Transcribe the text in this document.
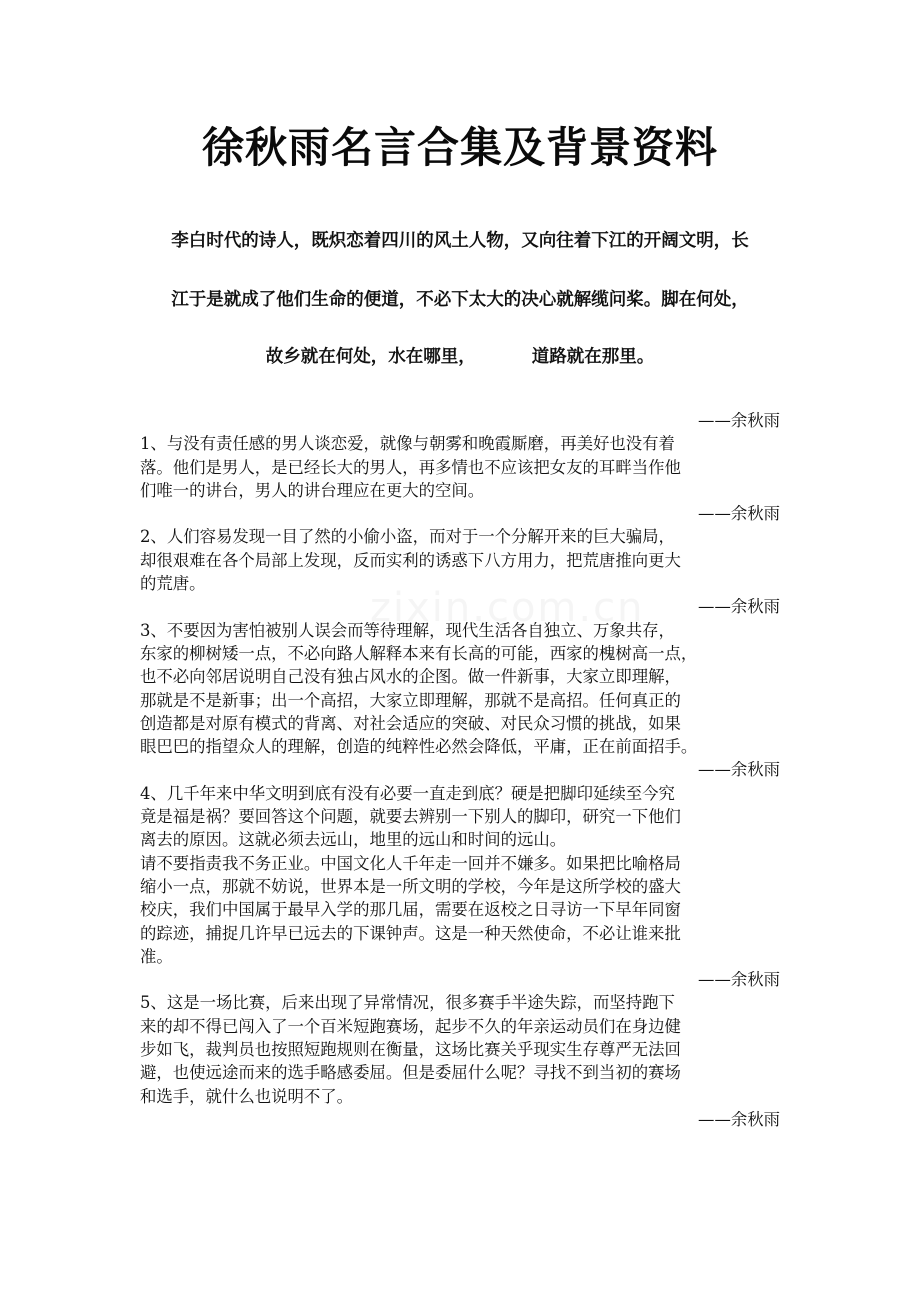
徐秋雨名言合集及背景资料
李白时代的诗人，既炽恋着四川的风土人物，又向往着下江的开阔文明，长
江于是就成了他们生命的便道，不必下太大的决心就解缆问桨。脚在何处，
故乡就在何处，水在哪里，	道路就在那里。
——余秋雨
1、与没有责任感的男人谈恋爱，就像与朝雾和晚霞厮磨，再美好也没有着
落。他们是男人，是已经长大的男人，再多情也不应该把女友的耳畔当作他
们唯一的讲台，男人的讲台理应在更大的空间。
——余秋雨
2、人们容易发现一目了然的小偷小盗，而对于一个分解开来的巨大骗局，
却很艰难在各个局部上发现，反而实利的诱惑下八方用力，把荒唐推向更大
的荒唐。
——余秋雨
3、不要因为害怕被别人误会而等待理解，现代生活各自独立、万象共存，
东家的柳树矮一点，不必向路人解释本来有长高的可能，西家的槐树高一点，
也不必向邻居说明自己没有独占风水的企图。做一件新事，大家立即理解，
那就是不是新事；出一个高招，大家立即理解，那就不是高招。任何真正的
创造都是对原有模式的背离、对社会适应的突破、对民众习惯的挑战，如果
眼巴巴的指望众人的理解，创造的纯粹性必然会降低，平庸，正在前面招手。
——余秋雨
4、几千年来中华文明到底有没有必要一直走到底？硬是把脚印延续至今究
竟是福是祸？要回答这个问题，就要去辨别一下别人的脚印，研究一下他们
离去的原因。这就必须去远山，地里的远山和时间的远山。
请不要指责我不务正业。中国文化人千年走一回并不嫌多。如果把比喻格局
缩小一点，那就不妨说，世界本是一所文明的学校，今年是这所学校的盛大
校庆，我们中国属于最早入学的那几届，需要在返校之日寻访一下早年同窗
的踪迹，捕捉几许早已远去的下课钟声。这是一种天然使命，不必让谁来批
准。
——余秋雨
5、这是一场比赛，后来出现了异常情况，很多赛手半途失踪，而坚持跑下
来的却不得已闯入了一个百米短跑赛场，起步不久的年亲运动员们在身边健
步如飞，裁判员也按照短跑规则在衡量，这场比赛关乎现实生存尊严无法回
避，也使远途而来的选手略感委屈。但是委屈什么呢？寻找不到当初的赛场
和选手，就什么也说明不了。
——余秋雨
zixin.com.cn
